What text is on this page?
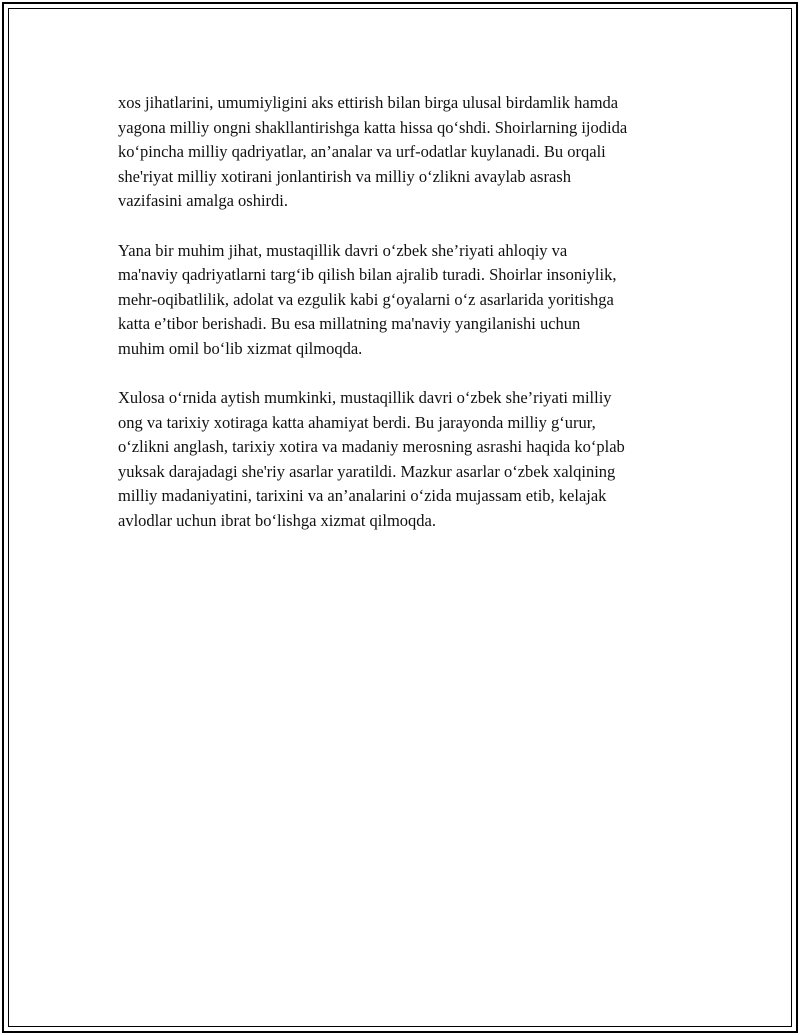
xos jihatlarini, umumiyligini aks ettirish bilan birga ulusal birdamlik hamda
yagona milliy ongni shakllantirishga katta hissa qo‘shdi. Shoirlarning ijodida
ko‘pincha milliy qadriyatlar, an’analar va urf-odatlar kuylanadi. Bu orqali
she'riyat milliy xotirani jonlantirish va milliy o‘zlikni avaylab asrash
vazifasini amalga oshirdi.

Yana bir muhim jihat, mustaqillik davri o‘zbek she’riyati ahloqiy va
ma'naviy qadriyatlarni targ‘ib qilish bilan ajralib turadi. Shoirlar insoniylik,
mehr-oqibatlilik, adolat va ezgulik kabi g‘oyalarni o‘z asarlarida yoritishga
katta e’tibor berishadi. Bu esa millatning ma'naviy yangilanishi uchun
muhim omil bo‘lib xizmat qilmoqda.

Xulosa o‘rnida aytish mumkinki, mustaqillik davri o‘zbek she’riyati milliy
ong va tarixiy xotiraga katta ahamiyat berdi. Bu jarayonda milliy g‘urur,
o‘zlikni anglash, tarixiy xotira va madaniy merosning asrashi haqida ko‘plab
yuksak darajadagi she'riy asarlar yaratildi. Mazkur asarlar o‘zbek xalqining
milliy madaniyatini, tarixini va an’analarini o‘zida mujassam etib, kelajak
avlodlar uchun ibrat bo‘lishga xizmat qilmoqda.
